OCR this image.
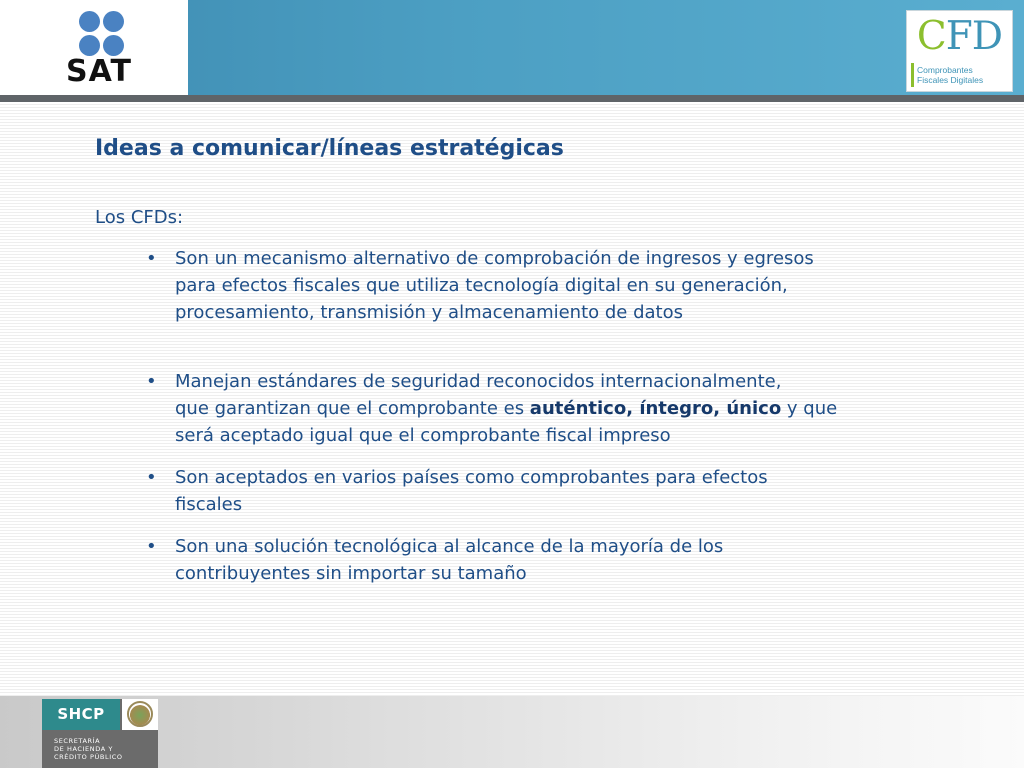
SAT
CFD
Comprobantes
Fiscales Digitales
Ideas a comunicar/líneas estratégicas
Los CFDs:
•	Son un mecanismo alternativo de comprobación de ingresos y egresos
para efectos fiscales que utiliza tecnología digital en su generación,
procesamiento, transmisión y almacenamiento de datos
•	Manejan estándares de seguridad reconocidos internacionalmente,
que garantizan que el comprobante es auténtico, íntegro, único y que
será aceptado igual que el comprobante fiscal impreso
•	Son aceptados en varios países como comprobantes para efectos
fiscales
•	Son una solución tecnológica al alcance de la mayoría de los
contribuyentes sin importar su tamaño
SHCP
SECRETARÍA
DE HACIENDA Y
CRÉDITO PÚBLICO
